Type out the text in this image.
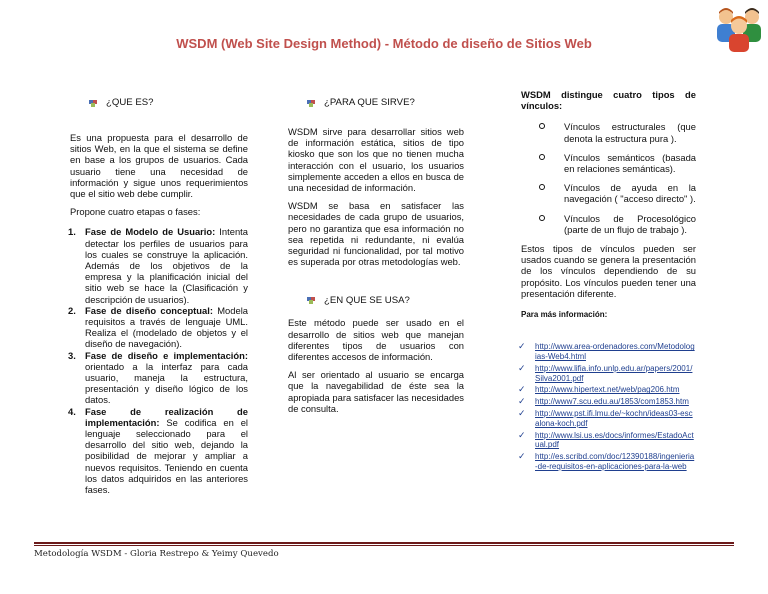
WSDM (Web Site Design Method) - Método de diseño de Sitios Web
¿QUE ES?

Es una propuesta para el desarrollo de sitios Web, en la que el sistema se define en base a los grupos de usuarios. Cada usuario tiene una necesidad de información y sigue unos requerimientos que el sitio web debe cumplir.

Propone cuatro etapas o fases:

1. Fase de Modelo de Usuario: Intenta detectar los perfiles de usuarios para los cuales se construye la aplicación. Además de los objetivos de la empresa y la planificación inicial del sitio web se hace la (Clasificación y descripción de usuarios).
2. Fase de diseño conceptual: Modela requisitos a través de lenguaje UML. Realiza el (modelado de objetos y el diseño de navegación).
3. Fase de diseño e implementación: orientado a la interfaz para cada usuario, maneja la estructura, presentación y diseño lógico de los datos.
4. Fase de realización de implementación: Se codifica en el lenguaje seleccionado para el desarrollo del sitio web, dejando la posibilidad de mejorar y ampliar a nuevos requisitos. Teniendo en cuenta los datos adquiridos en las anteriores fases.
¿PARA QUE SIRVE?

WSDM sirve para desarrollar sitios web de información estática, sitios de tipo kiosko que son los que no tienen mucha interacción con el usuario, los usuarios simplemente acceden a ellos en busca de una necesidad de información.

WSDM se basa en satisfacer las necesidades de cada grupo de usuarios, pero no garantiza que esa información no sea repetida ni redundante, ni evalúa seguridad ni funcionalidad, por tal motivo es superada por otras metodologías web.

¿EN QUE SE USA?

Este método puede ser usado en el desarrollo de sitios web que manejan diferentes tipos de usuarios con diferentes accesos de información.

Al ser orientado al usuario se encarga que la navegabilidad de éste sea la apropiada para satisfacer las necesidades de consulta.

WSDM distingue cuatro tipos de vínculos:

Vínculos estructurales (que denota la estructura pura ).
Vínculos semánticos (basada en relaciones semánticas).
Vínculos de ayuda en la navegación ( "acceso directo" ).
Vínculos de Procesológico (parte de un flujo de trabajo ).

Estos tipos de vínculos pueden ser usados cuando se genera la presentación de los vínculos dependiendo de su propósito. Los vínculos pueden tener una presentación diferente.

Para más información:

✓ http://www.area-ordenadores.com/Metodologias-Web4.html
✓ http://www.lifia.info.unlp.edu.ar/papers/2001/Silva2001.pdf
✓ http://www.hipertext.net/web/pag206.htm
✓ http://www7.scu.edu.au/1853/com1853.htm
✓ http://www.pst.ifi.lmu.de/~kochn/ideas03-escalona-koch.pdf
✓ http://www.lsi.us.es/docs/informes/EstadoActual.pdf
✓ http://es.scribd.com/doc/12390188/ingenieria-de-requisitos-en-aplicaciones-para-la-web
Metodología WSDM - Gloria Restrepo & Yeimy Quevedo
